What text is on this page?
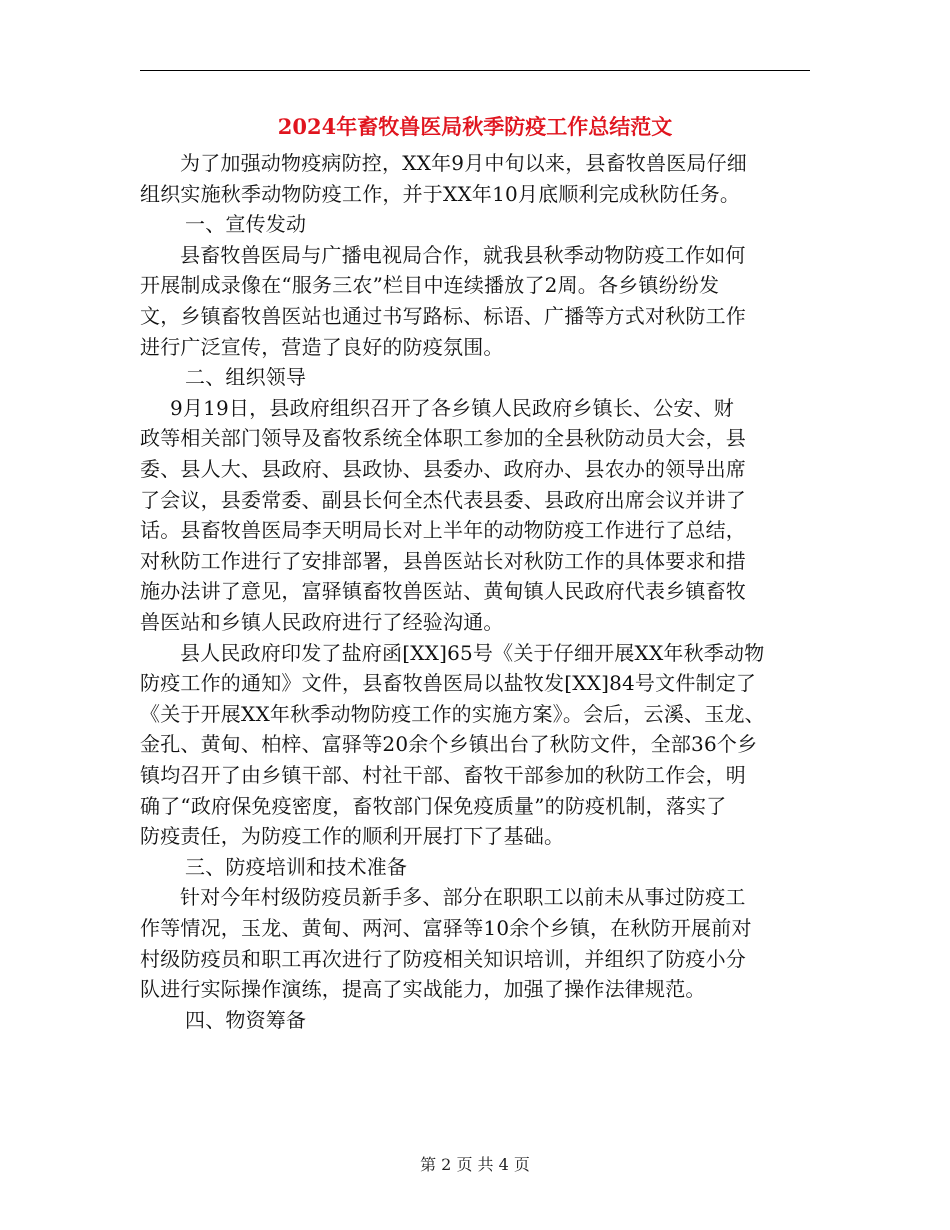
2024年畜牧兽医局秋季防疫工作总结范文
为了加强动物疫病防控，XX年9月中旬以来，县畜牧兽医局仔细
组织实施秋季动物防疫工作，并于XX年10月底顺利完成秋防任务。
一、宣传发动
县畜牧兽医局与广播电视局合作，就我县秋季动物防疫工作如何
开展制成录像在“服务三农”栏目中连续播放了2周。各乡镇纷纷发
文，乡镇畜牧兽医站也通过书写路标、标语、广播等方式对秋防工作
进行广泛宣传，营造了良好的防疫氛围。
二、组织领导
9月19日，县政府组织召开了各乡镇人民政府乡镇长、公安、财
政等相关部门领导及畜牧系统全体职工参加的全县秋防动员大会，县
委、县人大、县政府、县政协、县委办、政府办、县农办的领导出席
了会议，县委常委、副县长何全杰代表县委、县政府出席会议并讲了
话。县畜牧兽医局李天明局长对上半年的动物防疫工作进行了总结，
对秋防工作进行了安排部署，县兽医站长对秋防工作的具体要求和措
施办法讲了意见，富驿镇畜牧兽医站、黄甸镇人民政府代表乡镇畜牧
兽医站和乡镇人民政府进行了经验沟通。
县人民政府印发了盐府函[XX]65号《关于仔细开展XX年秋季动物
防疫工作的通知》文件，县畜牧兽医局以盐牧发[XX]84号文件制定了
《关于开展XX年秋季动物防疫工作的实施方案》。会后，云溪、玉龙、
金孔、黄甸、柏梓、富驿等20余个乡镇出台了秋防文件，全部36个乡
镇均召开了由乡镇干部、村社干部、畜牧干部参加的秋防工作会，明
确了“政府保免疫密度，畜牧部门保免疫质量”的防疫机制，落实了
防疫责任，为防疫工作的顺利开展打下了基础。
三、防疫培训和技术准备
针对今年村级防疫员新手多、部分在职职工以前未从事过防疫工
作等情况，玉龙、黄甸、两河、富驿等10余个乡镇，在秋防开展前对
村级防疫员和职工再次进行了防疫相关知识培训，并组织了防疫小分
队进行实际操作演练，提高了实战能力，加强了操作法律规范。
四、物资筹备
第 2 页 共 4 页
